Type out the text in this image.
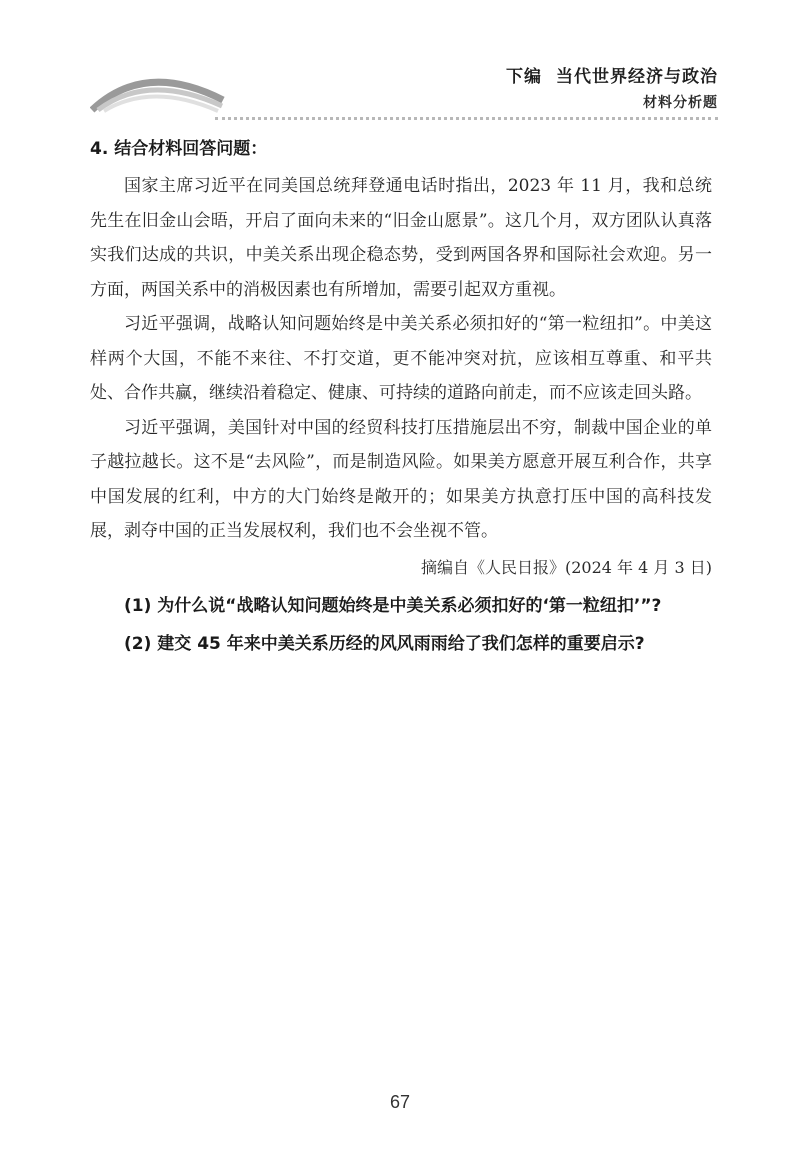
下编 当代世界经济与政治
材料分析题

4. 结合材料回答问题：

国家主席习近平在同美国总统拜登通电话时指出，2023 年 11 月，我和总统先生在旧金山会晤，开启了面向未来的“旧金山愿景”。这几个月，双方团队认真落实我们达成的共识，中美关系出现企稳态势，受到两国各界和国际社会欢迎。另一方面，两国关系中的消极因素也有所增加，需要引起双方重视。

习近平强调，战略认知问题始终是中美关系必须扣好的“第一粒纽扣”。中美这样两个大国，不能不来往、不打交道，更不能冲突对抗，应该相互尊重、和平共处、合作共赢，继续沿着稳定、健康、可持续的道路向前走，而不应该走回头路。

习近平强调，美国针对中国的经贸科技打压措施层出不穷，制裁中国企业的单子越拉越长。这不是“去风险”，而是制造风险。如果美方愿意开展互利合作，共享中国发展的红利，中方的大门始终是敞开的；如果美方执意打压中国的高科技发展，剥夺中国的正当发展权利，我们也不会坐视不管。

摘编自《人民日报》(2024 年 4 月 3 日)

(1) 为什么说“战略认知问题始终是中美关系必须扣好的‘第一粒纽扣’”?

(2) 建交 45 年来中美关系历经的风风雨雨给了我们怎样的重要启示?

67
